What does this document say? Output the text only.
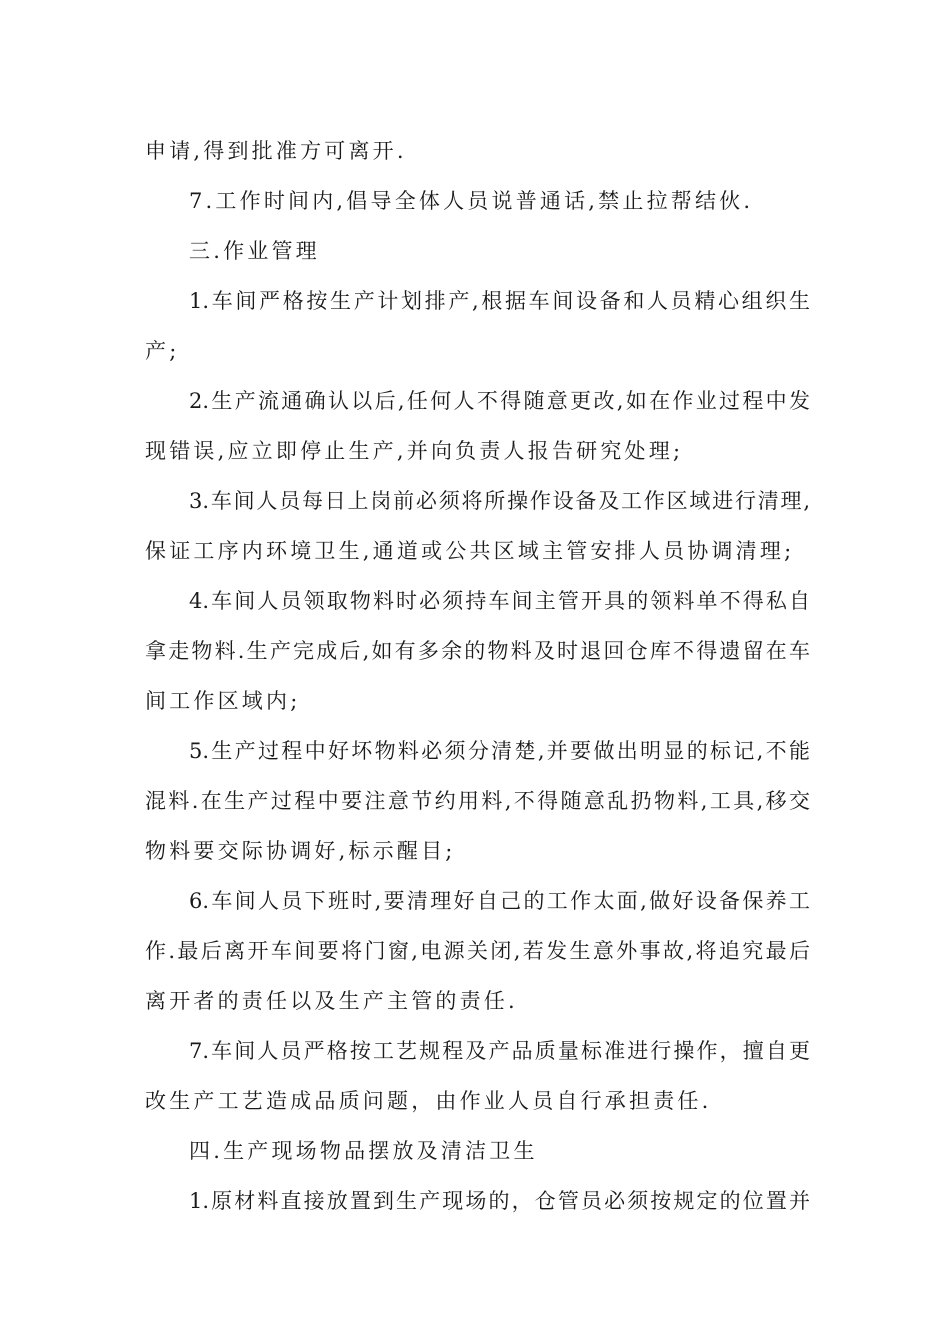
申请,得到批准方可离开.
7.工作时间内,倡导全体人员说普通话,禁止拉帮结伙.
三.作业管理
1.车间严格按生产计划排产,根据车间设备和人员精心组织生
产;
2.生产流通确认以后,任何人不得随意更改,如在作业过程中发
现错误,应立即停止生产,并向负责人报告研究处理;
3.车间人员每日上岗前必须将所操作设备及工作区域进行清理,
保证工序内环境卫生,通道或公共区域主管安排人员协调清理;
4.车间人员领取物料时必须持车间主管开具的领料单不得私自
拿走物料.生产完成后,如有多余的物料及时退回仓库不得遗留在车
间工作区域内;
5.生产过程中好坏物料必须分清楚,并要做出明显的标记,不能
混料.在生产过程中要注意节约用料,不得随意乱扔物料,工具,移交
物料要交际协调好,标示醒目;
6.车间人员下班时,要清理好自己的工作太面,做好设备保养工
作.最后离开车间要将门窗,电源关闭,若发生意外事故,将追究最后
离开者的责任以及生产主管的责任.
7.车间人员严格按工艺规程及产品质量标准进行操作，擅自更
改生产工艺造成品质问题，由作业人员自行承担责任.
四.生产现场物品摆放及清洁卫生
1.原材料直接放置到生产现场的，仓管员必须按规定的位置并
